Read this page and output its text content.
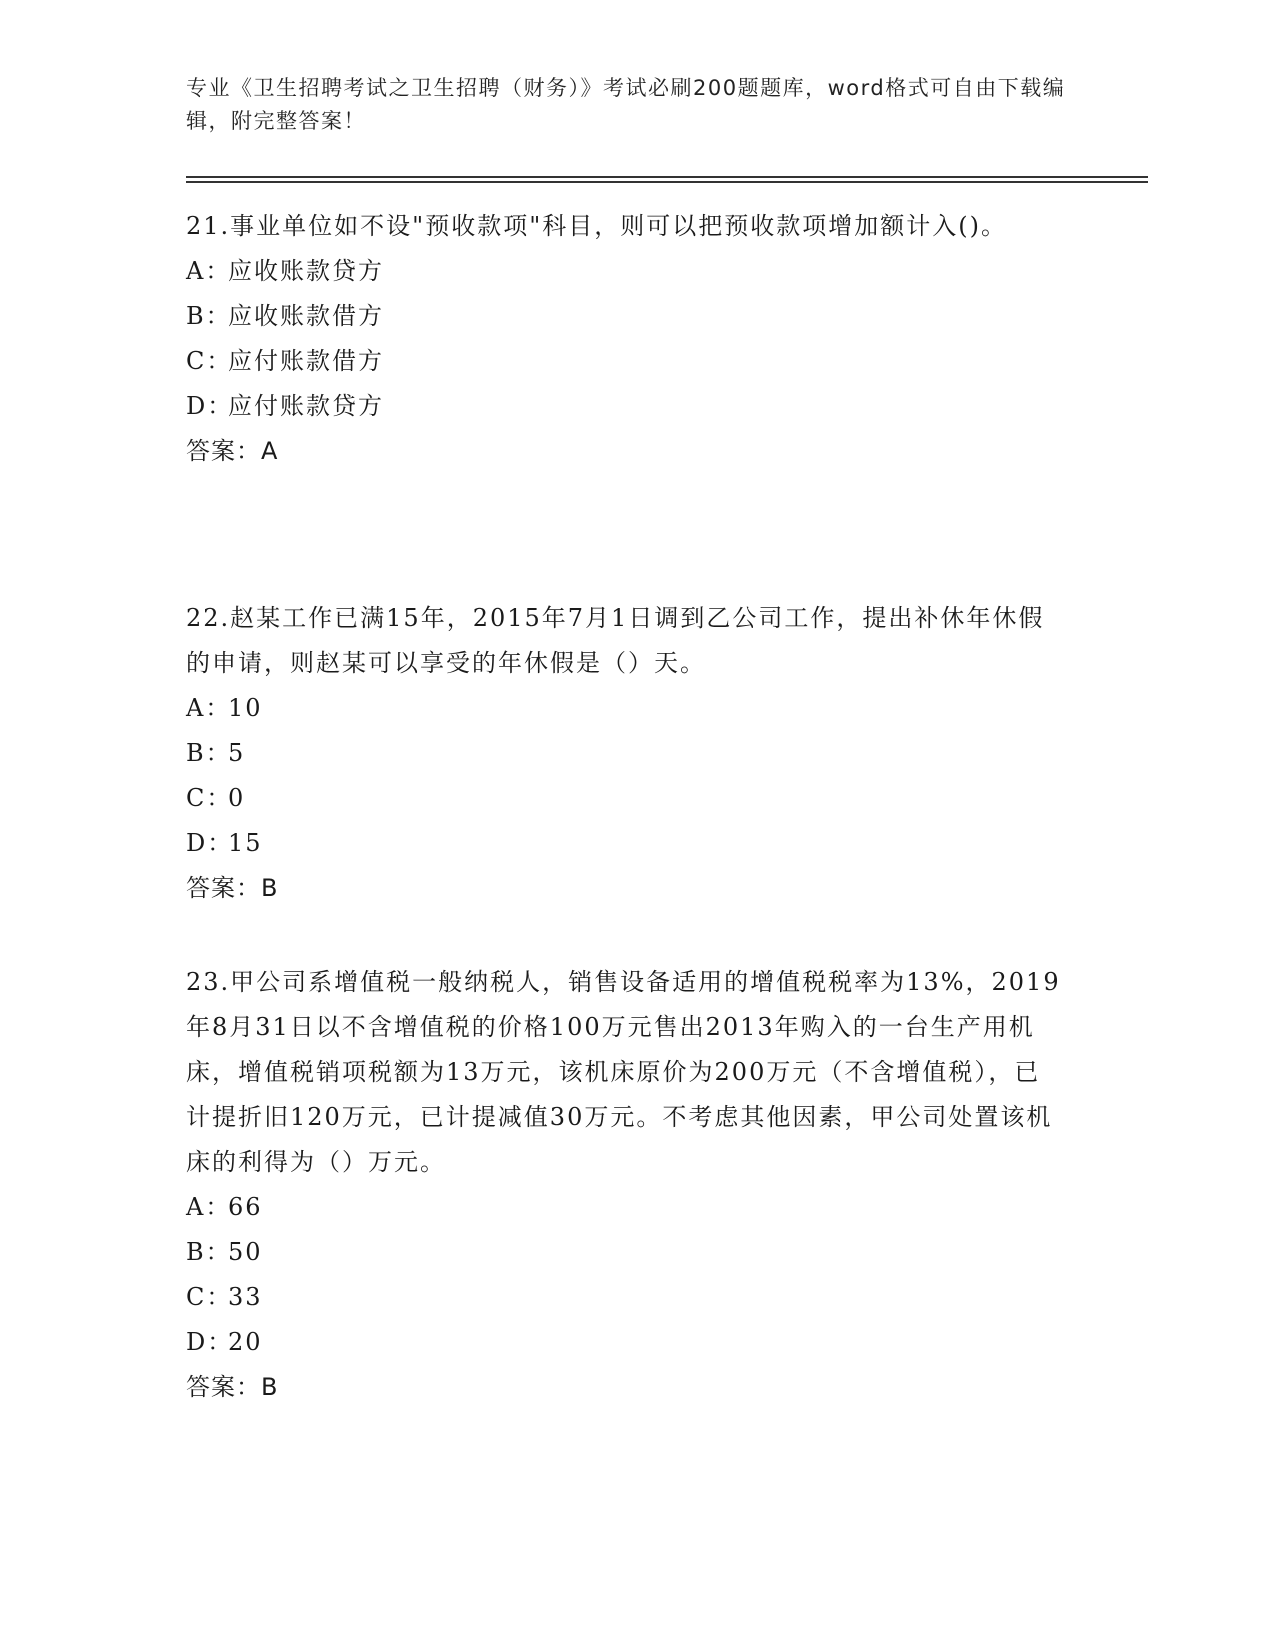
专业《卫生招聘考试之卫生招聘（财务）》考试必刷200题题库，word格式可自由下载编辑，附完整答案！

21.事业单位如不设"预收款项"科目，则可以把预收款项增加额计入()。

A：
应收账款贷方
B：
应收账款借方
C：
应付账款借方
D：
应付账款贷方
答案：A

22.赵某工作已满15年，2015年7月1日调到乙公司工作，提出补休年休假的申请，则赵某可以享受的年休假是（）天。

A：
10
B：
5
C：
0
D：
15
答案：B

23.甲公司系增值税一般纳税人，销售设备适用的增值税税率为13%，2019年8月31日以不含增值税的价格100万元售出2013年购入的一台生产用机床，增值税销项税额为13万元，该机床原价为200万元（不含增值税），已计提折旧120万元，已计提减值30万元。不考虑其他因素，甲公司处置该机床的利得为（）万元。

A：
66
B：
50
C：
33
D：
20
答案：B
